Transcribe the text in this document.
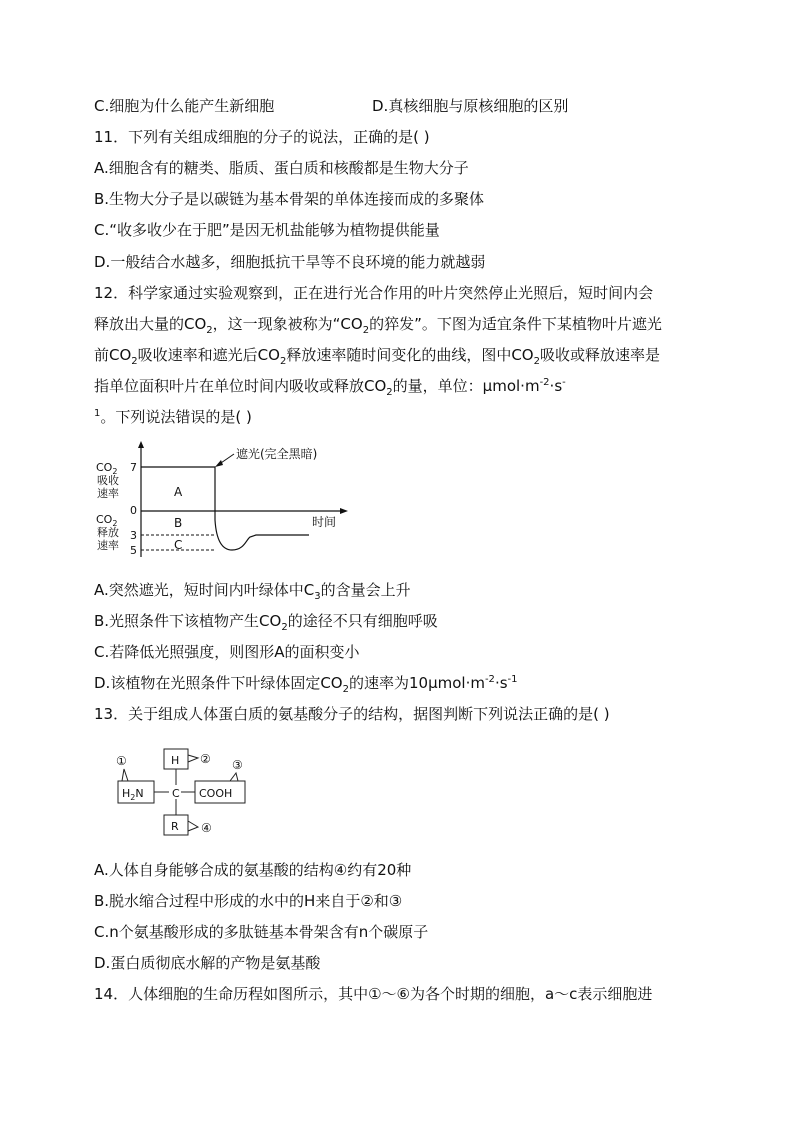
C.细胞为什么能产生新细胞	D.真核细胞与原核细胞的区别
11．下列有关组成细胞的分子的说法，正确的是( )
A.细胞含有的糖类、脂质、蛋白质和核酸都是生物大分子
B.生物大分子是以碳链为基本骨架的单体连接而成的多聚体
C.“收多收少在于肥”是因无机盐能够为植物提供能量
D.一般结合水越多，细胞抵抗干旱等不良环境的能力就越弱
12．科学家通过实验观察到，正在进行光合作用的叶片突然停止光照后，短时间内会
释放出大量的$CO_2$，这一现象被称为“$CO_2$的猝发”。下图为适宜条件下某植物叶片遮光
前$CO_2$吸收速率和遮光后$CO_2$释放速率随时间变化的曲线，图中$CO_2$吸收或释放速率是
指单位面积叶片在单位时间内吸收或释放$CO_2$的量，单位：$\mu mol\cdot m^{-2}\cdot s^-$
$^1$。下列说法错误的是( )
$CO_2$
吸收
速率
$CO_2$
释放
速率
7
0
3
5
A
B
C
时间
遮光(完全黑暗)
A.突然遮光，短时间内叶绿体中$C_3$的含量会上升
B.光照条件下该植物产生$CO_2$的途径不只有细胞呼吸
C.若降低光照强度，则图形A的面积变小
D.该植物在光照条件下叶绿体固定$CO_2$的速率为$10\mu mol\cdot m^{-2}\cdot s^{-1}$
13．关于组成人体蛋白质的氨基酸分子的结构，据图判断下列说法正确的是( )
①	② ③
④
H
$H_2N$	C COOH
R
A.人体自身能够合成的氨基酸的结构④约有20种
B.脱水缩合过程中形成的水中的H来自于②和③
C.n个氨基酸形成的多肽链基本骨架含有n个碳原子
D.蛋白质彻底水解的产物是氨基酸
14．人体细胞的生命历程如图所示，其中①～⑥为各个时期的细胞，a～c表示细胞进
